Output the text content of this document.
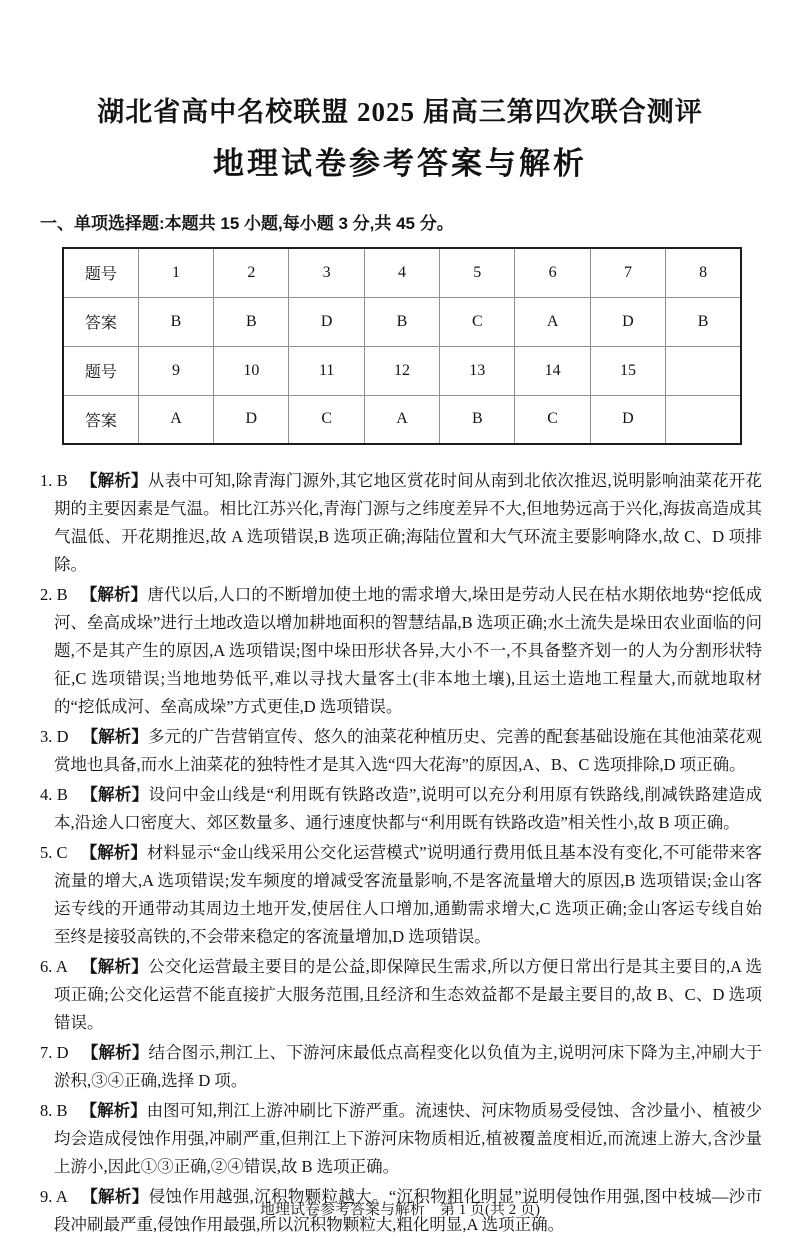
湖北省高中名校联盟 2025 届高三第四次联合测评
地理试卷参考答案与解析
一、单项选择题:本题共 15 小题,每小题 3 分,共 45 分。
题号	1	2	3	4	5	6	7	8
答案	B	B	D	B	C	A	D	B
题号	9	10	11	12	13	14	15	
答案	A	D	C	A	B	C	D	
1. B 【解析】从表中可知,除青海门源外,其它地区赏花时间从南到北依次推迟,说明影响油菜花开花期的主要因素是气温。相比江苏兴化,青海门源与之纬度差异不大,但地势远高于兴化,海拔高造成其气温低、开花期推迟,故 A 选项错误,B 选项正确;海陆位置和大气环流主要影响降水,故 C、D 项排除。
2. B 【解析】唐代以后,人口的不断增加使土地的需求增大,垛田是劳动人民在枯水期依地势“挖低成河、垒高成垛”进行土地改造以增加耕地面积的智慧结晶,B 选项正确;水土流失是垛田农业面临的问题,不是其产生的原因,A 选项错误;图中垛田形状各异,大小不一,不具备整齐划一的人为分割形状特征,C 选项错误;当地地势低平,难以寻找大量客土(非本地土壤),且运土造地工程量大,而就地取材的“挖低成河、垒高成垛”方式更佳,D 选项错误。
3. D 【解析】多元的广告营销宣传、悠久的油菜花种植历史、完善的配套基础设施在其他油菜花观赏地也具备,而水上油菜花的独特性才是其入选“四大花海”的原因,A、B、C 选项排除,D 项正确。
4. B 【解析】设问中金山线是“利用既有铁路改造”,说明可以充分利用原有铁路线,削减铁路建造成本,沿途人口密度大、郊区数量多、通行速度快都与“利用既有铁路改造”相关性小,故 B 项正确。
5. C 【解析】材料显示“金山线采用公交化运营模式”说明通行费用低且基本没有变化,不可能带来客流量的增大,A 选项错误;发车频度的增减受客流量影响,不是客流量增大的原因,B 选项错误;金山客运专线的开通带动其周边土地开发,使居住人口增加,通勤需求增大,C 选项正确;金山客运专线自始至终是接驳高铁的,不会带来稳定的客流量增加,D 选项错误。
6. A 【解析】公交化运营最主要目的是公益,即保障民生需求,所以方便日常出行是其主要目的,A 选项正确;公交化运营不能直接扩大服务范围,且经济和生态效益都不是最主要目的,故 B、C、D 选项错误。
7. D 【解析】结合图示,荆江上、下游河床最低点高程变化以负值为主,说明河床下降为主,冲刷大于淤积,③④正确,选择 D 项。
8. B 【解析】由图可知,荆江上游冲刷比下游严重。流速快、河床物质易受侵蚀、含沙量小、植被少均会造成侵蚀作用强,冲刷严重,但荆江上下游河床物质相近,植被覆盖度相近,而流速上游大,含沙量上游小,因此①③正确,②④错误,故 B 选项正确。
9. A 【解析】侵蚀作用越强,沉积物颗粒越大。“沉积物粗化明显”说明侵蚀作用强,图中枝城—沙市段冲刷最严重,侵蚀作用最强,所以沉积物颗粒大,粗化明显,A 选项正确。
地理试卷参考答案与解析　第 1 页(共 2 页)
